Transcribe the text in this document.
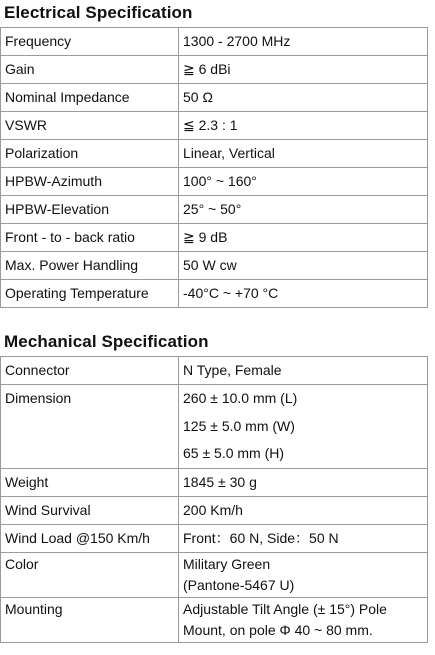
Electrical Specification
Frequency	1300 - 2700 MHz
Gain	≧ 6 dBi
Nominal Impedance	50 Ω
VSWR	≦ 2.3 : 1
Polarization	Linear, Vertical
HPBW-Azimuth	100° ~ 160°
HPBW-Elevation	25° ~ 50°
Front - to - back ratio	≧ 9 dB
Max. Power Handling	50 W cw
Operating Temperature	-40°C ~ +70 °C
Mechanical Specification
Connector	N Type, Female
Dimension	260 ± 10.0 mm (L)
125 ± 5.0 mm (W)
65 ± 5.0 mm (H)

Weight	1845 ± 30 g
Wind Survival	200 Km/h
Wind Load @150 Km/h	Front：60 N, Side：50 N
Color	Military Green
(Pantone-5467 U)

Mounting	Adjustable Tilt Angle (± 15°) Pole
Mount, on pole Φ 40 ~ 80 mm.
